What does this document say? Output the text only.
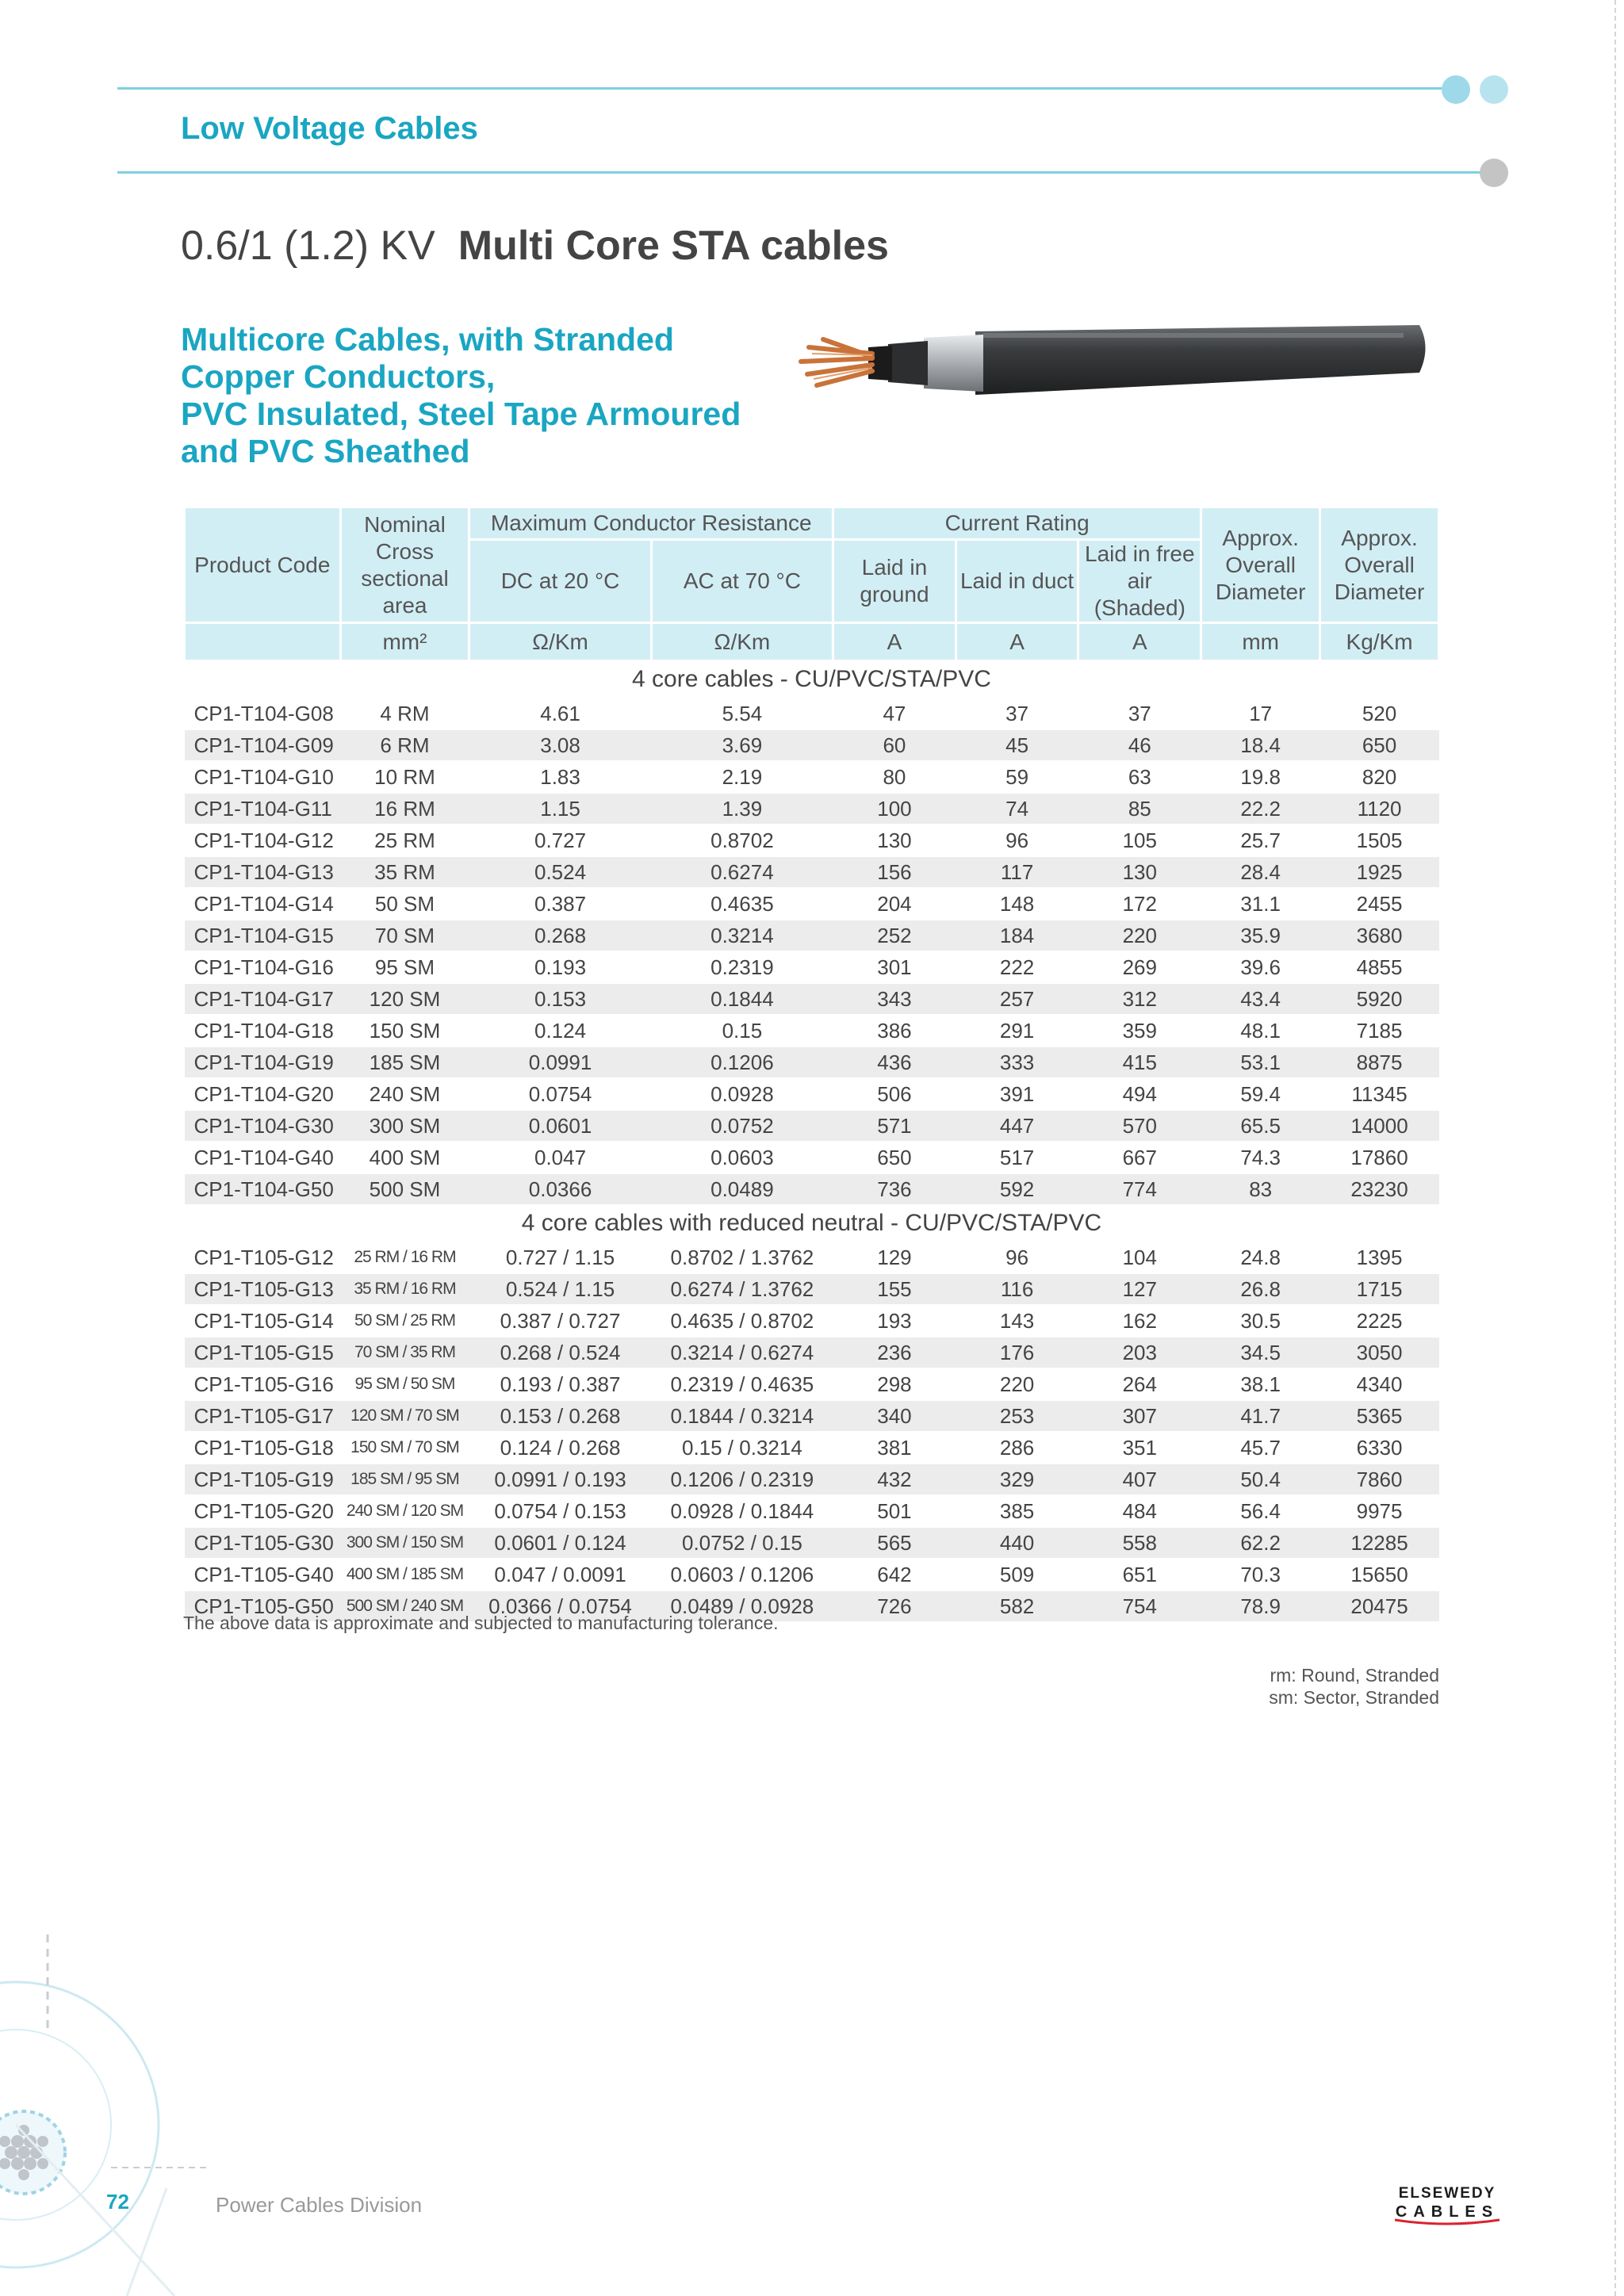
Low Voltage Cables
0.6/1 (1.2) KV Multi Core STA cables
Multicore Cables, with Stranded
Copper Conductors,
PVC Insulated, Steel Tape Armoured
and PVC Sheathed
Product Code	Nominal Cross sectional area	Maximum Conductor Resistance		Current Rating			Approx. Overall Diameter	Approx. Overall Diameter
		DC at 20 °C	AC at 70 °C	Laid in ground	Laid in duct	Laid in free air (Shaded)		
	mm²	Ω/Km	Ω/Km	A	A	A	mm	Kg/Km
4 core cables - CU/PVC/STA/PVC								
CP1-T104-G08	4 RM	4.61	5.54	47	37	37	17	520
CP1-T104-G09	6 RM	3.08	3.69	60	45	46	18.4	650
CP1-T104-G10	10 RM	1.83	2.19	80	59	63	19.8	820
CP1-T104-G11	16 RM	1.15	1.39	100	74	85	22.2	1120
CP1-T104-G12	25 RM	0.727	0.8702	130	96	105	25.7	1505
CP1-T104-G13	35 RM	0.524	0.6274	156	117	130	28.4	1925
CP1-T104-G14	50 SM	0.387	0.4635	204	148	172	31.1	2455
CP1-T104-G15	70 SM	0.268	0.3214	252	184	220	35.9	3680
CP1-T104-G16	95 SM	0.193	0.2319	301	222	269	39.6	4855
CP1-T104-G17	120 SM	0.153	0.1844	343	257	312	43.4	5920
CP1-T104-G18	150 SM	0.124	0.15	386	291	359	48.1	7185
CP1-T104-G19	185 SM	0.0991	0.1206	436	333	415	53.1	8875
CP1-T104-G20	240 SM	0.0754	0.0928	506	391	494	59.4	11345
CP1-T104-G30	300 SM	0.0601	0.0752	571	447	570	65.5	14000
CP1-T104-G40	400 SM	0.047	0.0603	650	517	667	74.3	17860
CP1-T104-G50	500 SM	0.0366	0.0489	736	592	774	83	23230
4 core cables with reduced neutral - CU/PVC/STA/PVC								
CP1-T105-G12	25 RM / 16 RM	0.727 / 1.15	0.8702 / 1.3762	129	96	104	24.8	1395
CP1-T105-G13	35 RM / 16 RM	0.524 / 1.15	0.6274 / 1.3762	155	116	127	26.8	1715
CP1-T105-G14	50 SM / 25 RM	0.387 / 0.727	0.4635 / 0.8702	193	143	162	30.5	2225
CP1-T105-G15	70 SM / 35 RM	0.268 / 0.524	0.3214 / 0.6274	236	176	203	34.5	3050
CP1-T105-G16	95 SM / 50 SM	0.193 / 0.387	0.2319 / 0.4635	298	220	264	38.1	4340
CP1-T105-G17	120 SM / 70 SM	0.153 / 0.268	0.1844 / 0.3214	340	253	307	41.7	5365
CP1-T105-G18	150 SM / 70 SM	0.124 / 0.268	0.15 / 0.3214	381	286	351	45.7	6330
CP1-T105-G19	185 SM / 95 SM	0.0991 / 0.193	0.1206 / 0.2319	432	329	407	50.4	7860
CP1-T105-G20	240 SM / 120 SM	0.0754 / 0.153	0.0928 / 0.1844	501	385	484	56.4	9975
CP1-T105-G30	300 SM / 150 SM	0.0601 / 0.124	0.0752 / 0.15	565	440	558	62.2	12285
CP1-T105-G40	400 SM / 185 SM	0.047 / 0.0091	0.0603 / 0.1206	642	509	651	70.3	15650
CP1-T105-G50	500 SM / 240 SM	0.0366 / 0.0754	0.0489 / 0.0928	726	582	754	78.9	20475
The above data is approximate and subjected to manufacturing tolerance.
rm: Round, Stranded
sm: Sector, Stranded
72	Power Cables Division	ELSEWEDY
CABLES
